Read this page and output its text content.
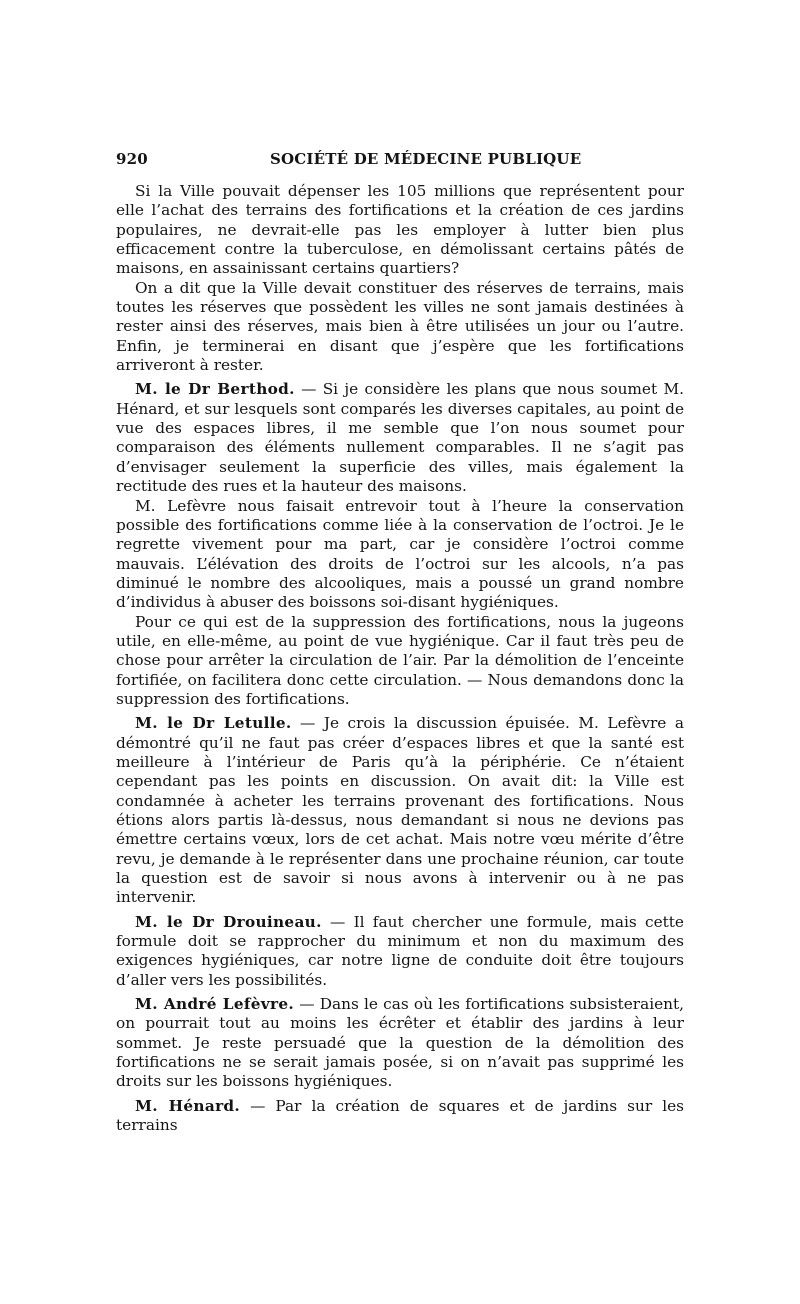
920	SOCIÉTÉ DE MÉDECINE PUBLIQUE

Si la Ville pouvait dépenser les 105 millions que représentent pour elle l’achat des terrains des fortifications et la création de ces jardins populaires, ne devrait-elle pas les employer à lutter bien plus efficacement contre la tuberculose, en démolissant certains pâtés de maisons, en assainissant certains quartiers?

On a dit que la Ville devait constituer des réserves de terrains, mais toutes les réserves que possèdent les villes ne sont jamais destinées à rester ainsi des réserves, mais bien à être utilisées un jour ou l’autre. Enfin, je terminerai en disant que j’espère que les fortifications arriveront à rester.

M. le Dr Berthod. — Si je considère les plans que nous soumet M. Hénard, et sur lesquels sont comparés les diverses capitales, au point de vue des espaces libres, il me semble que l’on nous soumet pour comparaison des éléments nullement comparables. Il ne s’agit pas d’envisager seulement la superficie des villes, mais également la rectitude des rues et la hauteur des maisons.

M. Lefèvre nous faisait entrevoir tout à l’heure la conservation possible des fortifications comme liée à la conservation de l’octroi. Je le regrette vivement pour ma part, car je considère l’octroi comme mauvais. L’élévation des droits de l’octroi sur les alcools, n’a pas diminué le nombre des alcooliques, mais a poussé un grand nombre d’individus à abuser des boissons soi-disant hygiéniques.

Pour ce qui est de la suppression des fortifications, nous la jugeons utile, en elle-même, au point de vue hygiénique. Car il faut très peu de chose pour arrêter la circulation de l’air. Par la démolition de l’enceinte fortifiée, on facilitera donc cette circulation. — Nous demandons donc la suppression des fortifications.

M. le Dr Letulle. — Je crois la discussion épuisée. M. Lefèvre a démontré qu’il ne faut pas créer d’espaces libres et que la santé est meilleure à l’intérieur de Paris qu’à la périphérie. Ce n’étaient cependant pas les points en discussion. On avait dit: la Ville est condamnée à acheter les terrains provenant des fortifications. Nous étions alors partis là-dessus, nous demandant si nous ne devions pas émettre certains vœux, lors de cet achat. Mais notre vœu mérite d’être revu, je demande à le représenter dans une prochaine réunion, car toute la question est de savoir si nous avons à intervenir ou à ne pas intervenir.

M. le Dr Drouineau. — Il faut chercher une formule, mais cette formule doit se rapprocher du minimum et non du maximum des exigences hygiéniques, car notre ligne de conduite doit être toujours d’aller vers les possibilités.

M. André Lefèvre. — Dans le cas où les fortifications subsisteraient, on pourrait tout au moins les écrêter et établir des jardins à leur sommet. Je reste persuadé que la question de la démolition des fortifications ne se serait jamais posée, si on n’avait pas supprimé les droits sur les boissons hygiéniques.

M. Hénard. — Par la création de squares et de jardins sur les terrains
